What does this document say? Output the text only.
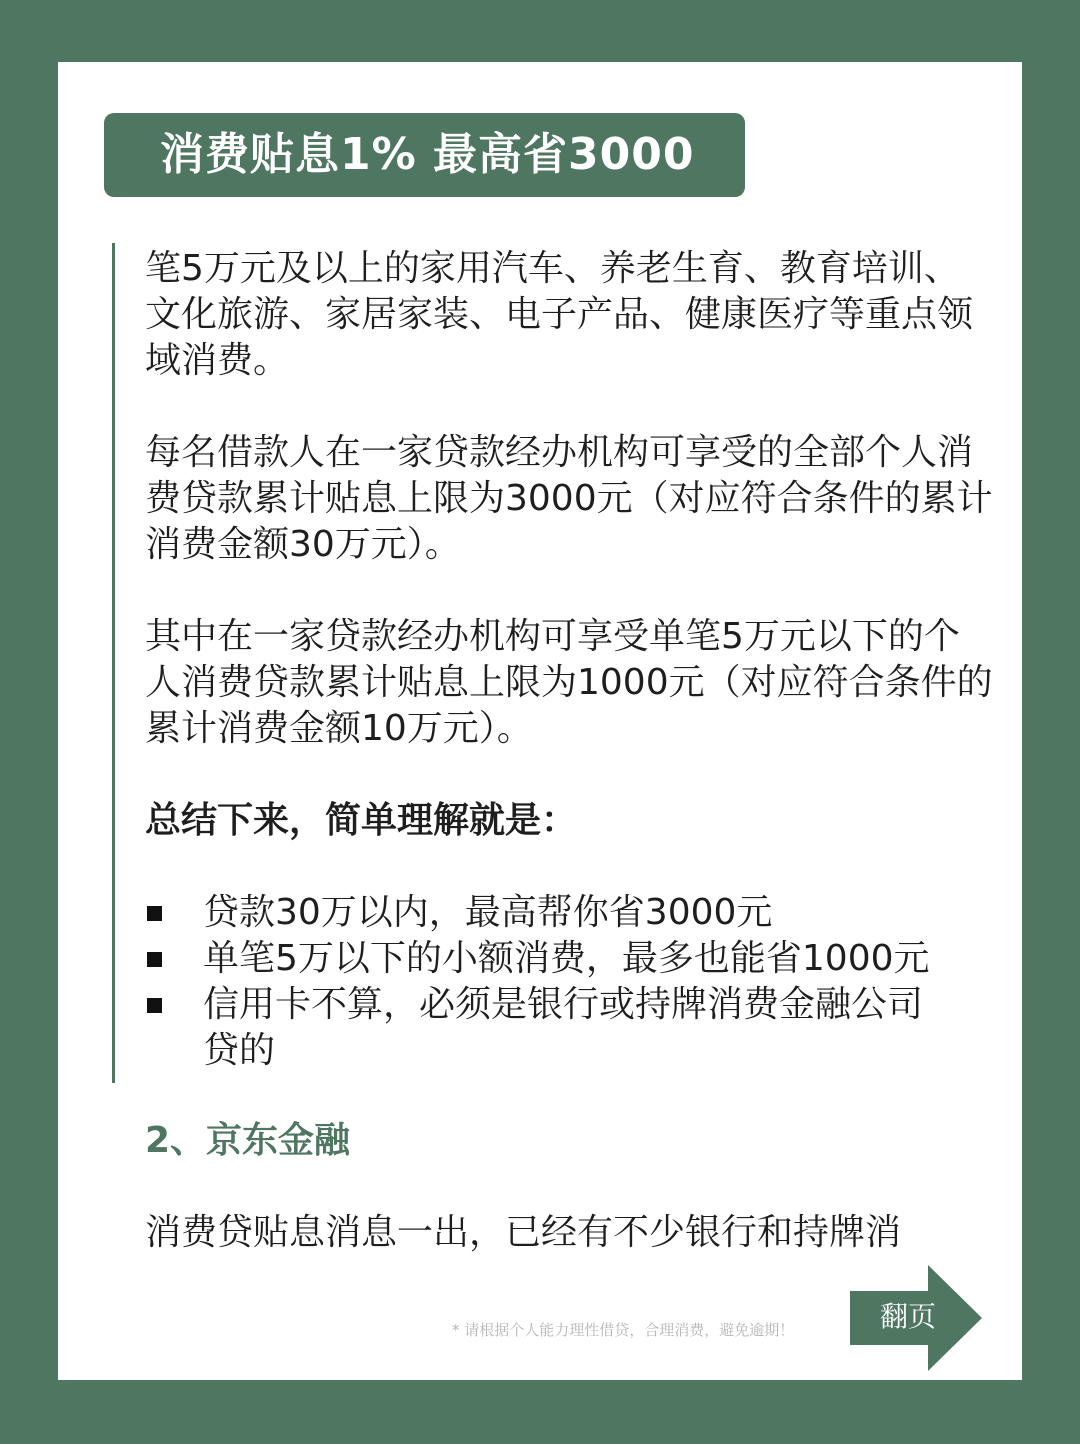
消费贴息1% 最高省3000

笔5万元及以上的家用汽车、养老生育、教育培训、文化旅游、家居家装、电子产品、健康医疗等重点领域消费。

每名借款人在一家贷款经办机构可享受的全部个人消费贷款累计贴息上限为3000元（对应符合条件的累计消费金额30万元）。

其中在一家贷款经办机构可享受单笔5万元以下的个人消费贷款累计贴息上限为1000元（对应符合条件的累计消费金额10万元）。

总结下来，简单理解就是：

贷款30万以内，最高帮你省3000元
单笔5万以下的小额消费，最多也能省1000元
信用卡不算，必须是银行或持牌消费金融公司贷的
2、京东金融
消费贷贴息消息一出，已经有不少银行和持牌消
* 请根据个人能力理性借贷，合理消费，避免逾期！	翻页
